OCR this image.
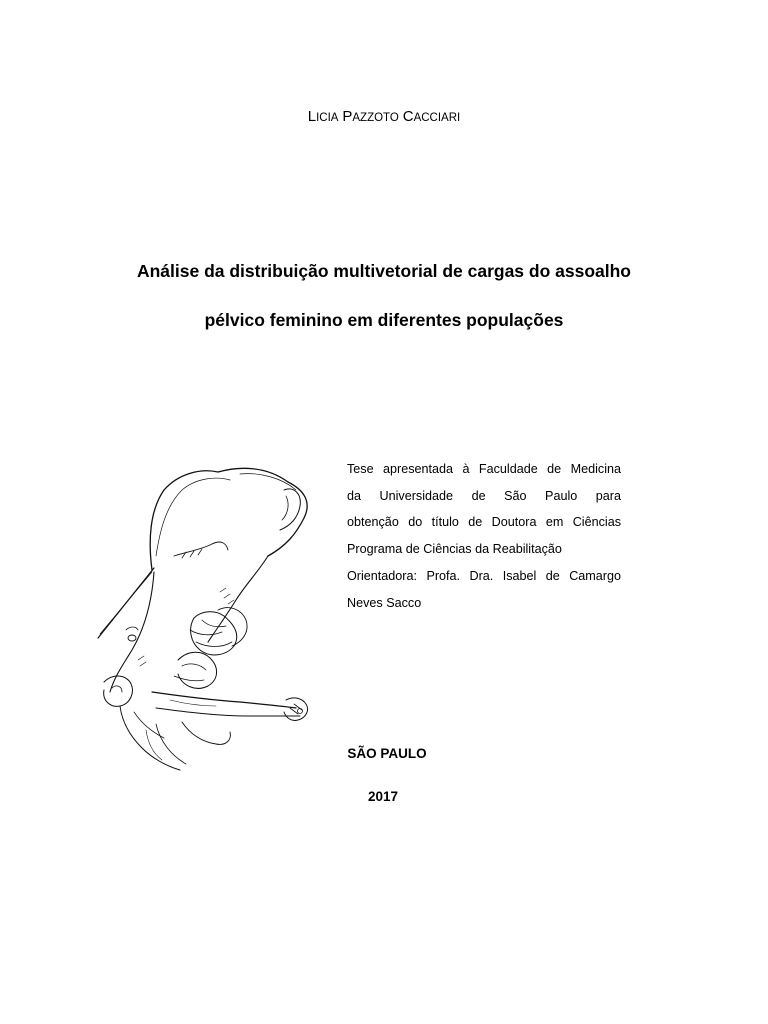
LICIA PAZZOTO CACCIARI
Análise da distribuição multivetorial de cargas do assoalho
pélvico feminino em diferentes populações
Tese apresentada à Faculdade de Medicina
da Universidade de São Paulo para
obtenção do título de Doutora em Ciências
Programa de Ciências da Reabilitação
Orientadora: Profa. Dra. Isabel de Camargo
Neves Sacco
SÃO PAULO
2017
